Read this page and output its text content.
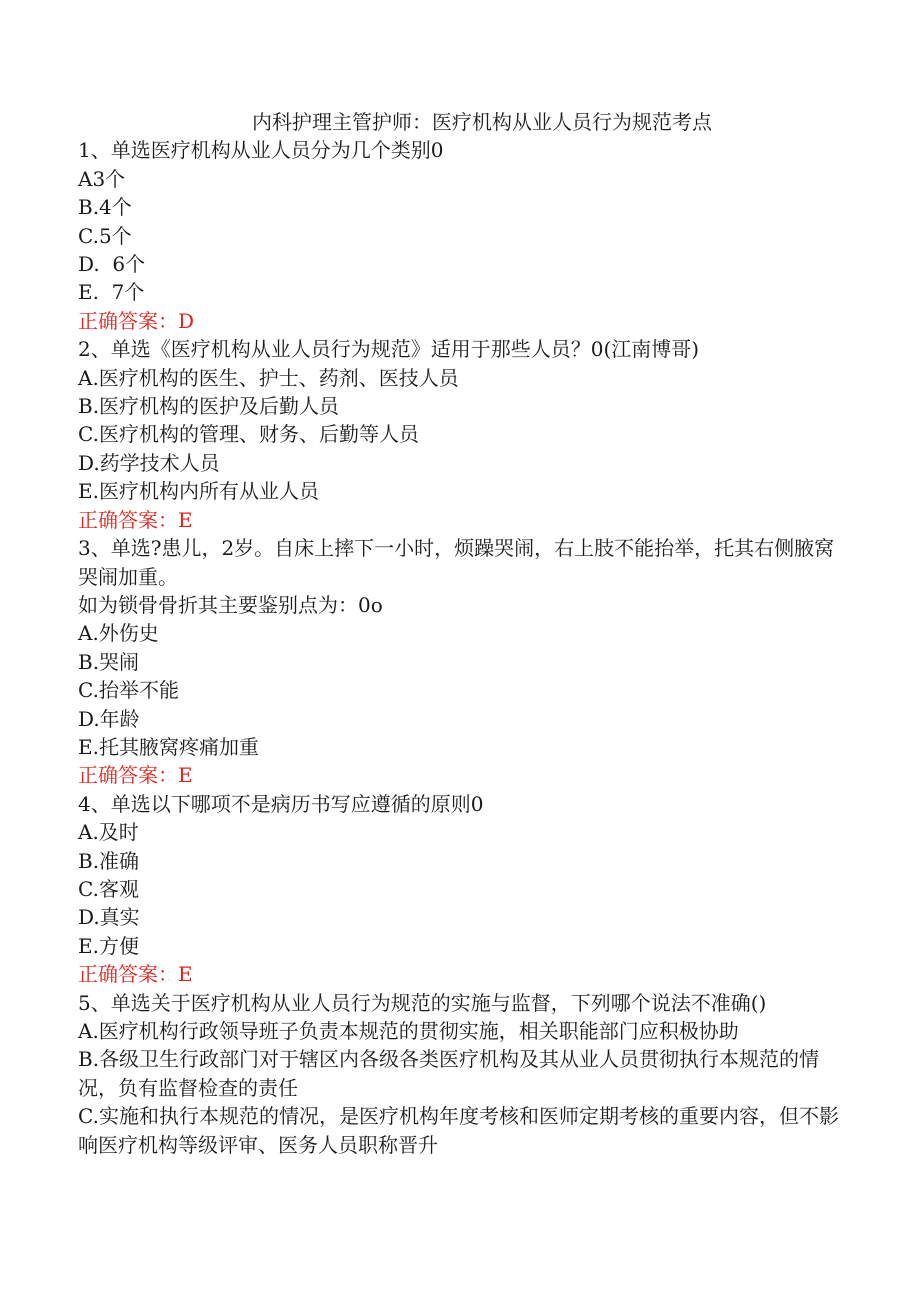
内科护理主管护师：医疗机构从业人员行为规范考点

1、单选医疗机构从业人员分为几个类别0

A3个

B.4个

C.5个

D.  6个

E.  7个

正确答案：D

2、单选《医疗机构从业人员行为规范》适用于那些人员？0(江南博哥)

A.医疗机构的医生、护士、药剂、医技人员

B.医疗机构的医护及后勤人员

C.医疗机构的管理、财务、后勤等人员

D.药学技术人员

E.医疗机构内所有从业人员

正确答案：E

3、单选?患儿，2岁。自床上摔下一小时，烦躁哭闹，右上肢不能抬举，托其右侧腋窝哭闹加重。

如为锁骨骨折其主要鉴别点为：0o

A.外伤史

B.哭闹

C.抬举不能

D.年龄

E.托其腋窝疼痛加重

正确答案：E

4、单选以下哪项不是病历书写应遵循的原则0

A.及时

B.准确

C.客观

D.真实

E.方便

正确答案：E

5、单选关于医疗机构从业人员行为规范的实施与监督，下列哪个说法不准确()

A.医疗机构行政领导班子负责本规范的贯彻实施，相关职能部门应积极协助

B.各级卫生行政部门对于辖区内各级各类医疗机构及其从业人员贯彻执行本规范的情况，负有监督检查的责任

C.实施和执行本规范的情况，是医疗机构年度考核和医师定期考核的重要内容，但不影响医疗机构等级评审、医务人员职称晋升
